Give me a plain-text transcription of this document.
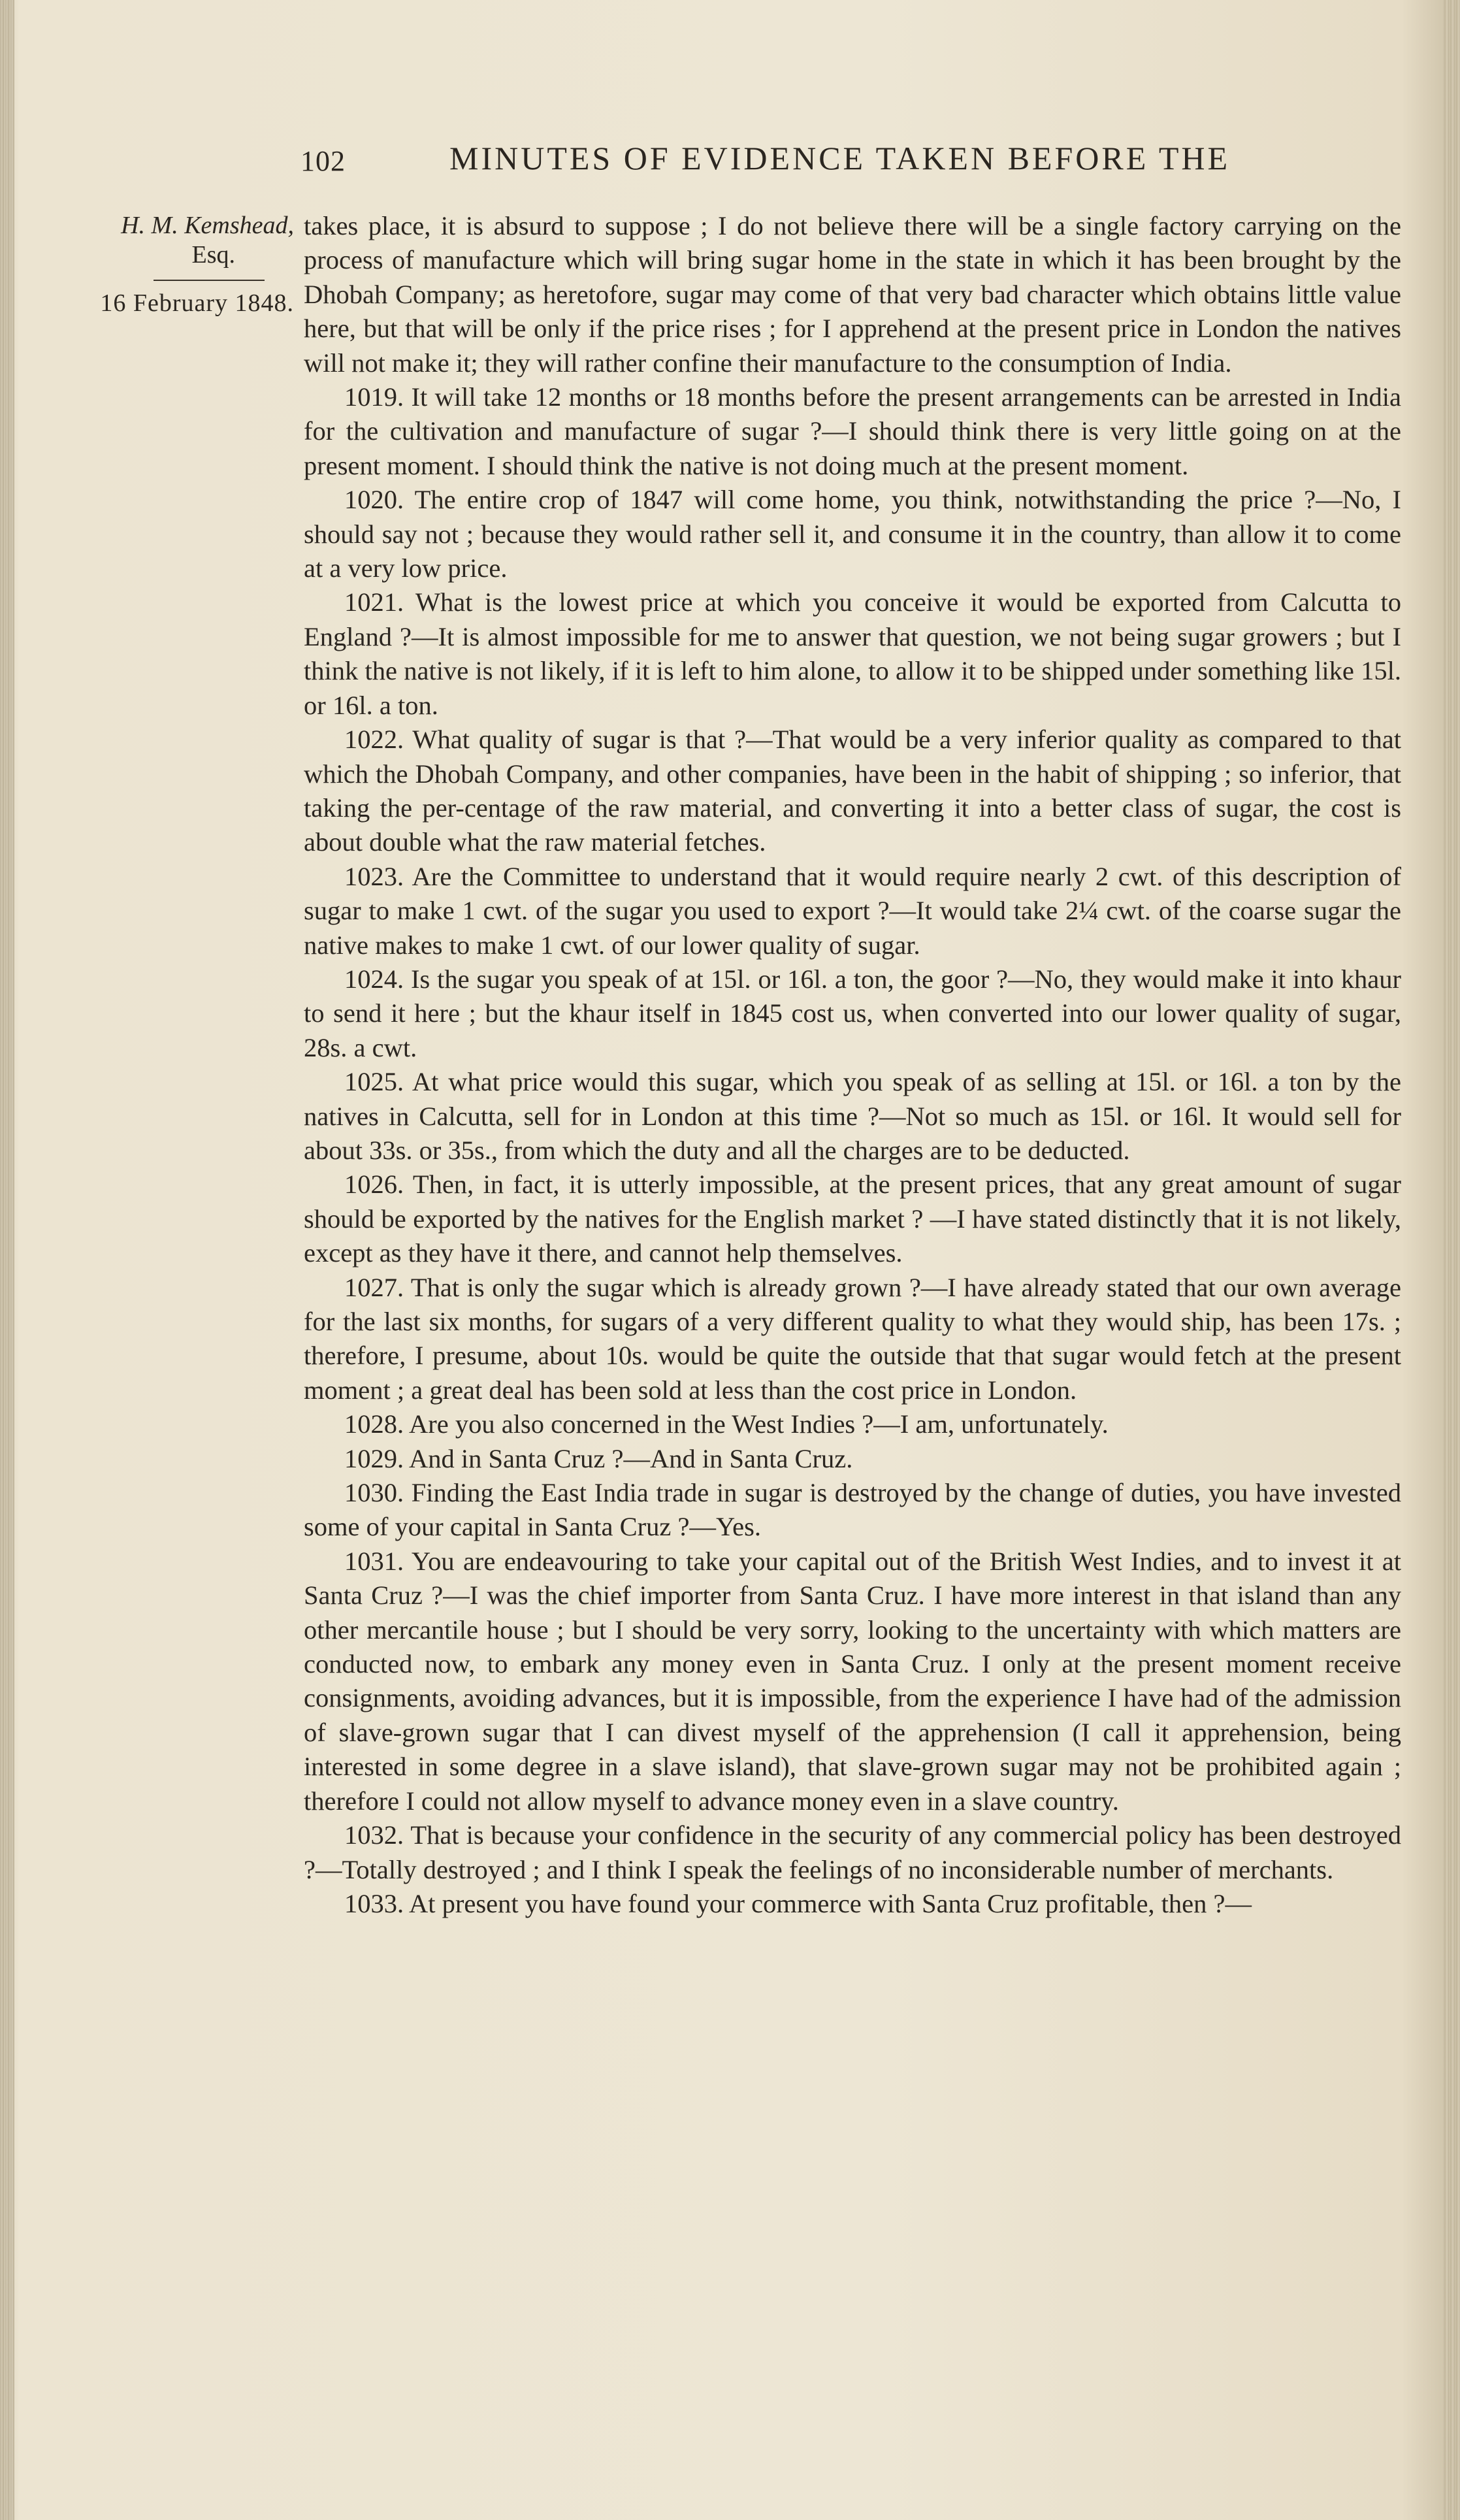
102	MINUTES OF EVIDENCE TAKEN BEFORE THE
H. M. Kemshead,
Esq.
16 February 1848.

takes place, it is absurd to suppose ; I do not believe there will be a single factory carrying on the process of manufacture which will bring sugar home in the state in which it has been brought by the Dhobah Company; as heretofore, sugar may come of that very bad character which obtains little value here, but that will be only if the price rises ; for I apprehend at the present price in London the natives will not make it; they will rather confine their manufacture to the consumption of India.

1019. It will take 12 months or 18 months before the present arrangements can be arrested in India for the cultivation and manufacture of sugar ?—I should think there is very little going on at the present moment. I should think the native is not doing much at the present moment.

1020. The entire crop of 1847 will come home, you think, notwithstanding the price ?—No, I should say not ; because they would rather sell it, and consume it in the country, than allow it to come at a very low price.

1021. What is the lowest price at which you conceive it would be exported from Calcutta to England ?—It is almost impossible for me to answer that question, we not being sugar growers ; but I think the native is not likely, if it is left to him alone, to allow it to be shipped under something like 15l. or 16l. a ton.

1022. What quality of sugar is that ?—That would be a very inferior quality as compared to that which the Dhobah Company, and other companies, have been in the habit of shipping ; so inferior, that taking the per-centage of the raw material, and converting it into a better class of sugar, the cost is about double what the raw material fetches.

1023. Are the Committee to understand that it would require nearly 2 cwt. of this description of sugar to make 1 cwt. of the sugar you used to export ?—It would take 2¼ cwt. of the coarse sugar the native makes to make 1 cwt. of our lower quality of sugar.

1024. Is the sugar you speak of at 15l. or 16l. a ton, the goor ?—No, they would make it into khaur to send it here ; but the khaur itself in 1845 cost us, when converted into our lower quality of sugar, 28s. a cwt.

1025. At what price would this sugar, which you speak of as selling at 15l. or 16l. a ton by the natives in Calcutta, sell for in London at this time ?—Not so much as 15l. or 16l. It would sell for about 33s. or 35s., from which the duty and all the charges are to be deducted.

1026. Then, in fact, it is utterly impossible, at the present prices, that any great amount of sugar should be exported by the natives for the English market ? —I have stated distinctly that it is not likely, except as they have it there, and cannot help themselves.

1027. That is only the sugar which is already grown ?—I have already stated that our own average for the last six months, for sugars of a very different quality to what they would ship, has been 17s. ; therefore, I presume, about 10s. would be quite the outside that that sugar would fetch at the present moment ; a great deal has been sold at less than the cost price in London.

1028. Are you also concerned in the West Indies ?—I am, unfortunately.

1029. And in Santa Cruz ?—And in Santa Cruz.

1030. Finding the East India trade in sugar is destroyed by the change of duties, you have invested some of your capital in Santa Cruz ?—Yes.

1031. You are endeavouring to take your capital out of the British West Indies, and to invest it at Santa Cruz ?—I was the chief importer from Santa Cruz. I have more interest in that island than any other mercantile house ; but I should be very sorry, looking to the uncertainty with which matters are conducted now, to embark any money even in Santa Cruz. I only at the present moment receive consignments, avoiding advances, but it is impossible, from the experience I have had of the admission of slave-grown sugar that I can divest myself of the apprehension (I call it apprehension, being interested in some degree in a slave island), that slave-grown sugar may not be prohibited again ; therefore I could not allow myself to advance money even in a slave country.

1032. That is because your confidence in the security of any commercial policy has been destroyed ?—Totally destroyed ; and I think I speak the feelings of no inconsiderable number of merchants.

1033. At present you have found your commerce with Santa Cruz profitable, then ?—
